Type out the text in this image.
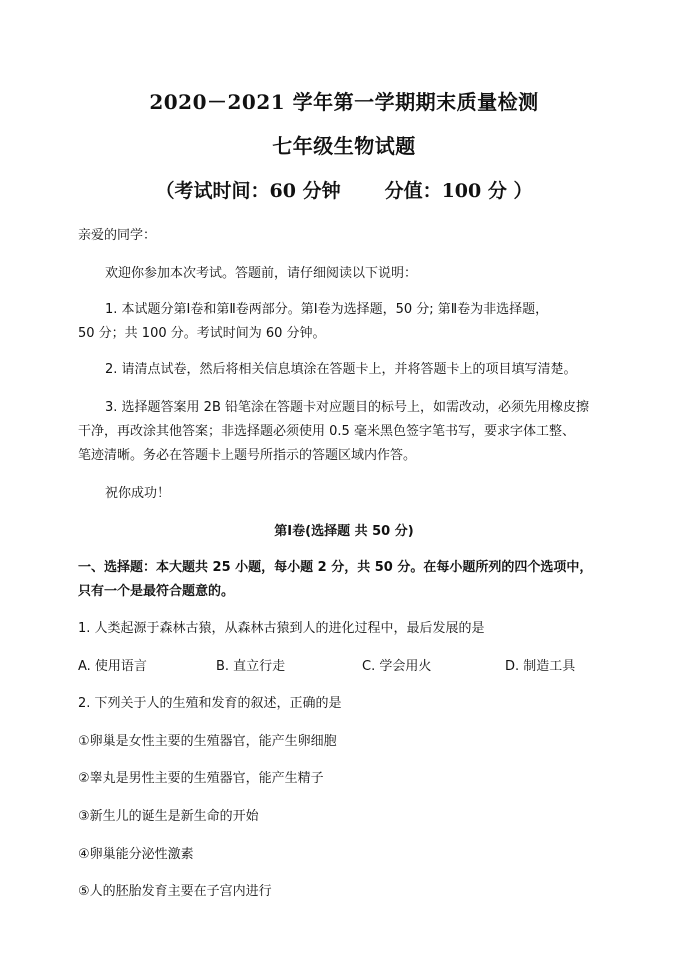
2020－2021 学年第一学期期末质量检测
七年级生物试题
（考试时间：60 分钟 分值：100 分 ）
亲爱的同学：
欢迎你参加本次考试。答题前，请仔细阅读以下说明：
1. 本试题分第Ⅰ卷和第Ⅱ卷两部分。第Ⅰ卷为选择题，50 分; 第Ⅱ卷为非选择题，
50 分；共 100 分。考试时间为 60 分钟。
2. 请清点试卷，然后将相关信息填涂在答题卡上，并将答题卡上的项目填写清楚。
3. 选择题答案用 2B 铅笔涂在答题卡对应题目的标号上，如需改动，必须先用橡皮擦
干净，再改涂其他答案；非选择题必须使用 0.5 毫米黑色签字笔书写，要求字体工整、
笔迹清晰。务必在答题卡上题号所指示的答题区域内作答。
祝你成功！
第Ⅰ卷(选择题 共 50 分)
一、选择题：本大题共 25 小题，每小题 2 分，共 50 分。在每小题所列的四个选项中，
只有一个是最符合题意的。
1. 人类起源于森林古猿，从森林古猿到人的进化过程中，最后发展的是
A. 使用语言	B. 直立行走	C. 学会用火	D. 制造工具
2. 下列关于人的生殖和发育的叙述，正确的是
①卵巢是女性主要的生殖器官，能产生卵细胞
②睾丸是男性主要的生殖器官，能产生精子
③新生儿的诞生是新生命的开始
④卵巢能分泌性激素
⑤人的胚胎发育主要在子宫内进行
